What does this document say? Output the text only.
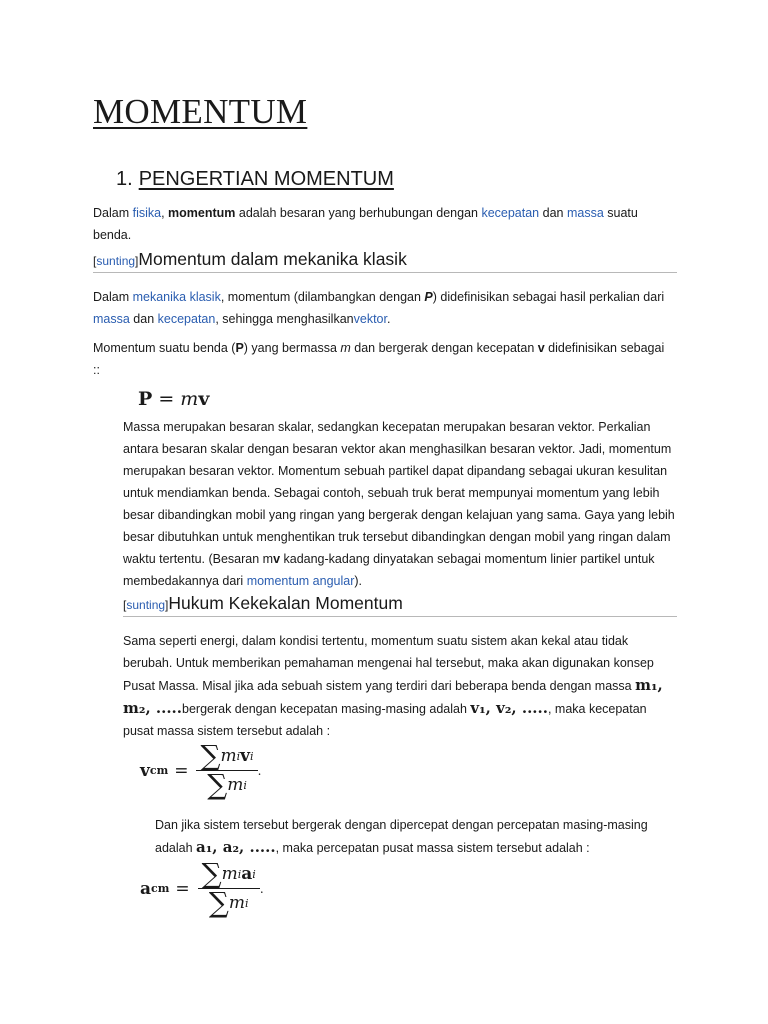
MOMENTUM
1. PENGERTIAN MOMENTUM

Dalam fisika, momentum adalah besaran yang berhubungan dengan kecepatan dan massa suatu benda.

[sunting]Momentum dalam mekanika klasik

Dalam mekanika klasik, momentum (dilambangkan dengan P) didefinisikan sebagai hasil perkalian dari massa dan kecepatan, sehingga menghasilkanvektor.

Momentum suatu benda (P) yang bermassa m dan bergerak dengan kecepatan v didefinisikan sebagai ::

P = mv

Massa merupakan besaran skalar, sedangkan kecepatan merupakan besaran vektor. Perkalian antara besaran skalar dengan besaran vektor akan menghasilkan besaran vektor. Jadi, momentum merupakan besaran vektor. Momentum sebuah partikel dapat dipandang sebagai ukuran kesulitan untuk mendiamkan benda. Sebagai contoh, sebuah truk berat mempunyai momentum yang lebih besar dibandingkan mobil yang ringan yang bergerak dengan kelajuan yang sama. Gaya yang lebih besar dibutuhkan untuk menghentikan truk tersebut dibandingkan dengan mobil yang ringan dalam waktu tertentu. (Besaran mv kadang-kadang dinyatakan sebagai momentum linier partikel untuk membedakannya dari momentum angular).

[sunting]Hukum Kekekalan Momentum

Sama seperti energi, dalam kondisi tertentu, momentum suatu sistem akan kekal atau tidak berubah. Untuk memberikan pemahaman mengenai hal tersebut, maka akan digunakan konsep Pusat Massa. Misal jika ada sebuah sistem yang terdiri dari beberapa benda dengan massa m₁, m₂, .....bergerak dengan kecepatan masing-masing adalah v₁, v₂, ....., maka kecepatan pusat massa sistem tersebut adalah :

v cm = $\frac{\text{∑ m i v i}}{\text{∑ m i}}$ .

Dan jika sistem tersebut bergerak dengan dipercepat dengan percepatan masing-masing adalah a₁, a₂, ....., maka percepatan pusat massa sistem tersebut adalah :

a cm = $\frac{\text{∑ m i a i}}{\text{∑ m i}}$ .
